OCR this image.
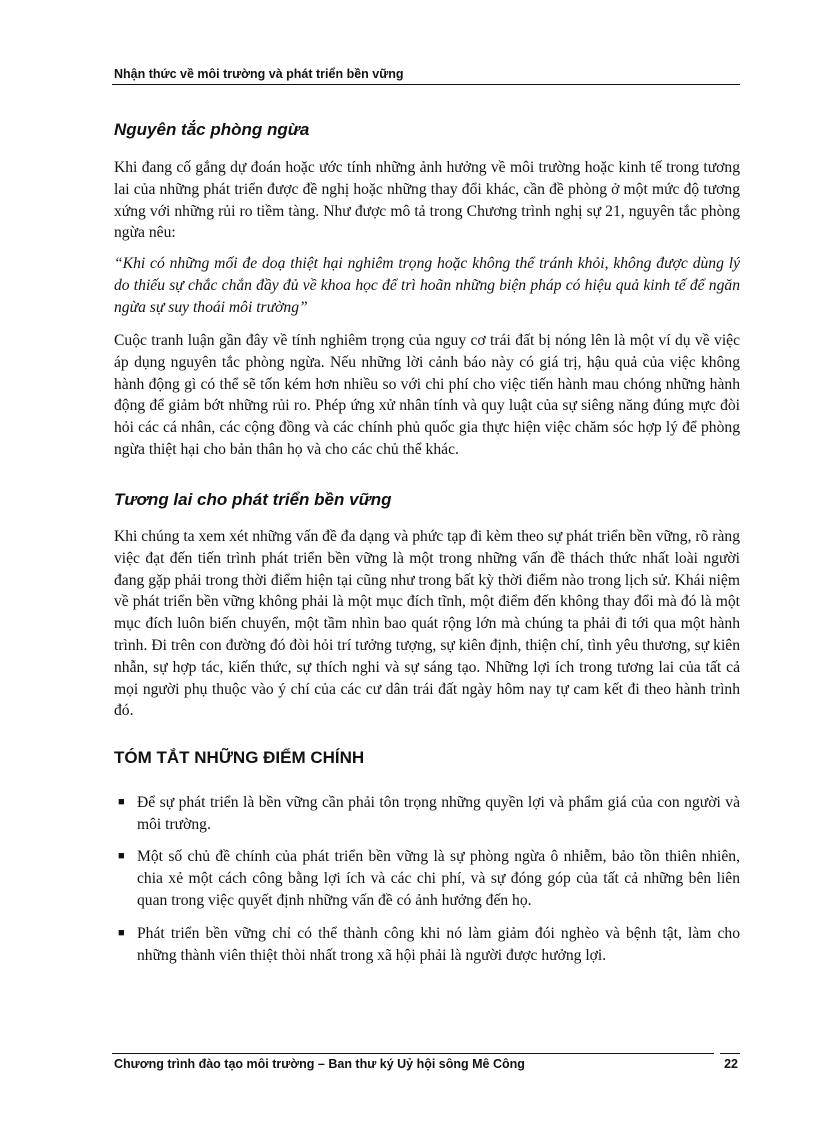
Nhận thức về môi trường và phát triển bền vững
Nguyên tắc phòng ngừa

Khi đang cố gắng dự đoán hoặc ước tính những ảnh hưởng về môi trường hoặc kinh tế trong tương lai của những phát triển được đề nghị hoặc những thay đổi khác, cần đề phòng ở một mức độ tương xứng với những rủi ro tiềm tàng. Như được mô tả trong Chương trình nghị sự 21, nguyên tắc phòng ngừa nêu:

“Khi có những mối đe doạ thiệt hại nghiêm trọng hoặc không thể tránh khỏi, không được dùng lý do thiếu sự chắc chắn đầy đủ về khoa học để trì hoãn những biện pháp có hiệu quả kinh tế để ngăn ngừa sự suy thoái môi trường”

Cuộc tranh luận gần đây về tính nghiêm trọng của nguy cơ trái đất bị nóng lên là một ví dụ về việc áp dụng nguyên tắc phòng ngừa. Nếu những lời cảnh báo này có giá trị, hậu quả của việc không hành động gì có thể sẽ tốn kém hơn nhiều so với chi phí cho việc tiến hành mau chóng những hành động để giảm bớt những rủi ro. Phép ứng xử nhân tính và quy luật của sự siêng năng đúng mực đòi hỏi các cá nhân, các cộng đồng và các chính phủ quốc gia thực hiện việc chăm sóc hợp lý để phòng ngừa thiệt hại cho bản thân họ và cho các chủ thể khác.

Tương lai cho phát triển bền vững

Khi chúng ta xem xét những vấn đề đa dạng và phức tạp đi kèm theo sự phát triển bền vững, rõ ràng việc đạt đến tiến trình phát triển bền vững là một trong những vấn đề thách thức nhất loài người đang gặp phải trong thời điểm hiện tại cũng như trong bất kỳ thời điểm nào trong lịch sử. Khái niệm về phát triển bền vững không phải là một mục đích tĩnh, một điểm đến không thay đổi mà đó là một mục đích luôn biến chuyển, một tầm nhìn bao quát rộng lớn mà chúng ta phải đi tới qua một hành trình. Đi trên con đường đó đòi hỏi trí tưởng tượng, sự kiên định, thiện chí, tình yêu thương, sự kiên nhẫn, sự hợp tác, kiến thức, sự thích nghi và sự sáng tạo. Những lợi ích trong tương lai của tất cả mọi người phụ thuộc vào ý chí của các cư dân trái đất ngày hôm nay tự cam kết đi theo hành trình đó.

TÓM TẮT NHỮNG ĐIỂM CHÍNH
■ Để sự phát triển là bền vững cần phải tôn trọng những quyền lợi và phẩm giá của con người và môi trường.
■ Một số chủ đề chính của phát triển bền vững là sự phòng ngừa ô nhiễm, bảo tồn thiên nhiên, chia xẻ một cách công bằng lợi ích và các chi phí, và sự đóng góp của tất cả những bên liên quan trong việc quyết định những vấn đề có ảnh hưởng đến họ.
■ Phát triển bền vững chỉ có thể thành công khi nó làm giảm đói nghèo và bệnh tật, làm cho những thành viên thiệt thòi nhất trong xã hội phải là người được hưởng lợi.
Chương trình đào tạo môi trường – Ban thư ký Uỷ hội sông Mê Công	22
